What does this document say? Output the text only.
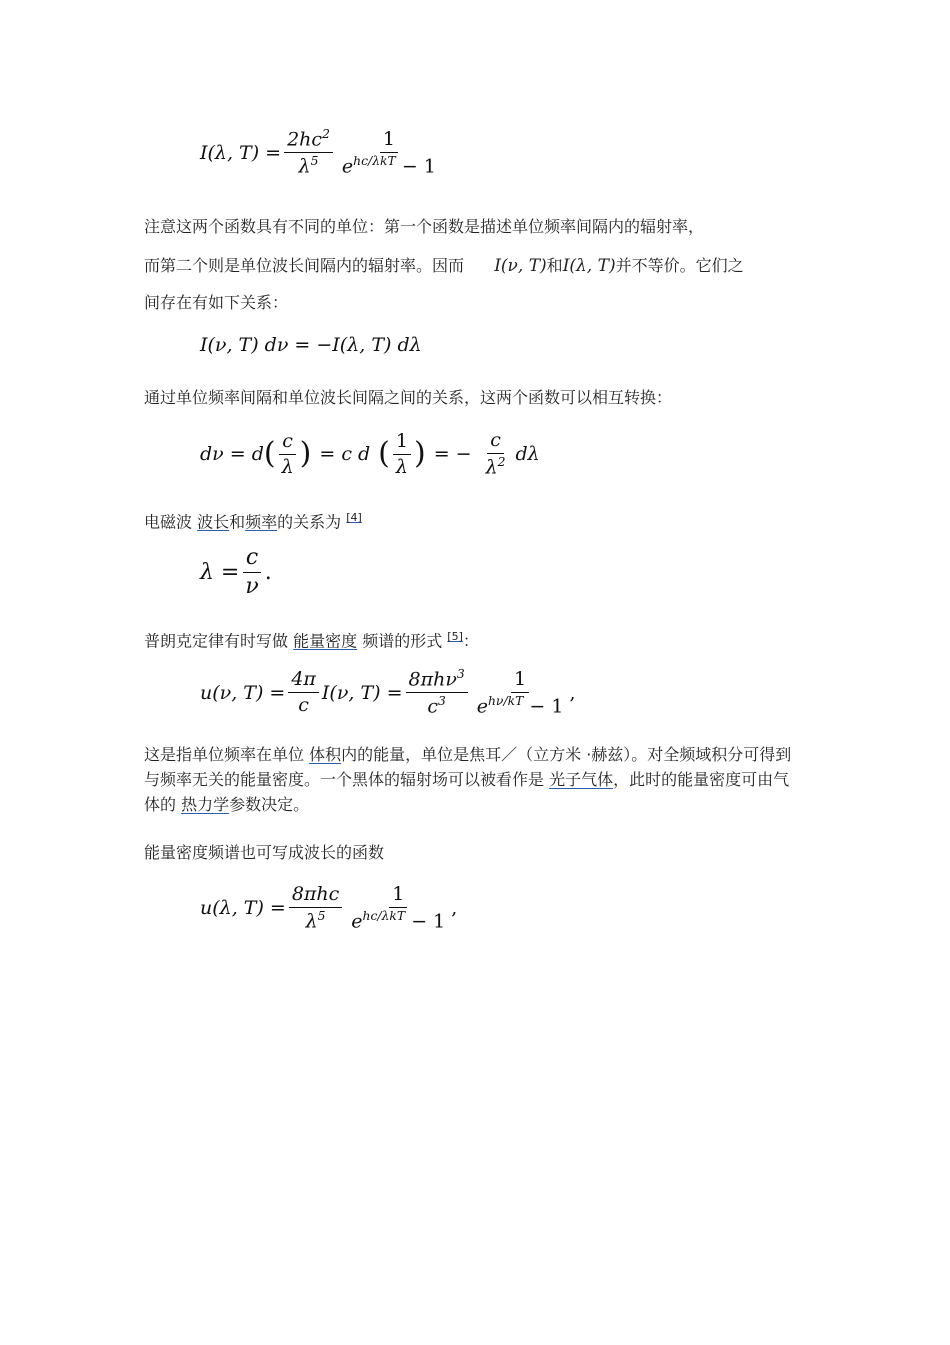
I(λ, $T) = \frac{2hc^2}{\lambda^5} \frac{1}{e^{hc/\lambda kT} - 1}$

注意这两个函数具有不同的单位：第一个函数是描述单位频率间隔内的辐射率，

而第二个则是单位波长间隔内的辐射率。因而 I(ν, T)和I(λ, T)并不等价。它们之

间存在有如下关系：

I(ν, T) dν = −I(λ, T) dλ

通过单位频率间隔和单位波长间隔之间的关系，这两个函数可以相互转换：

dν = d ( $\frac{c}{\lambda}$ ) = c d ( $\frac{1}{\lambda}$ ) = − $\frac{c}{\lambda^2}$ dλ

电磁波 波长和频率的关系为 [4]

$\lambda = \frac{c}{\nu}$ .

普朗克定律有时写做 能量密度 频谱的形式 [5]：

u(ν, $T) = \frac{4\pi}{c} I(\nu$, $T) = \frac{8\pi h\nu^3}{c^3} \frac{1}{e^{h\nu/kT} - 1}$ ,

这是指单位频率在单位 体积内的能量，单位是焦耳／（立方米 ·赫兹）。对全频域积分可得到与频率无关的能量密度。一个黑体的辐射场可以被看作是 光子气体，此时的能量密度可由气体的 热力学参数决定。

能量密度频谱也可写成波长的函数

u(λ, $T) = \frac{\text{8πhc}}{\lambda^5} \frac{1}{e^{hc/\lambda kT} - 1}$ ,
